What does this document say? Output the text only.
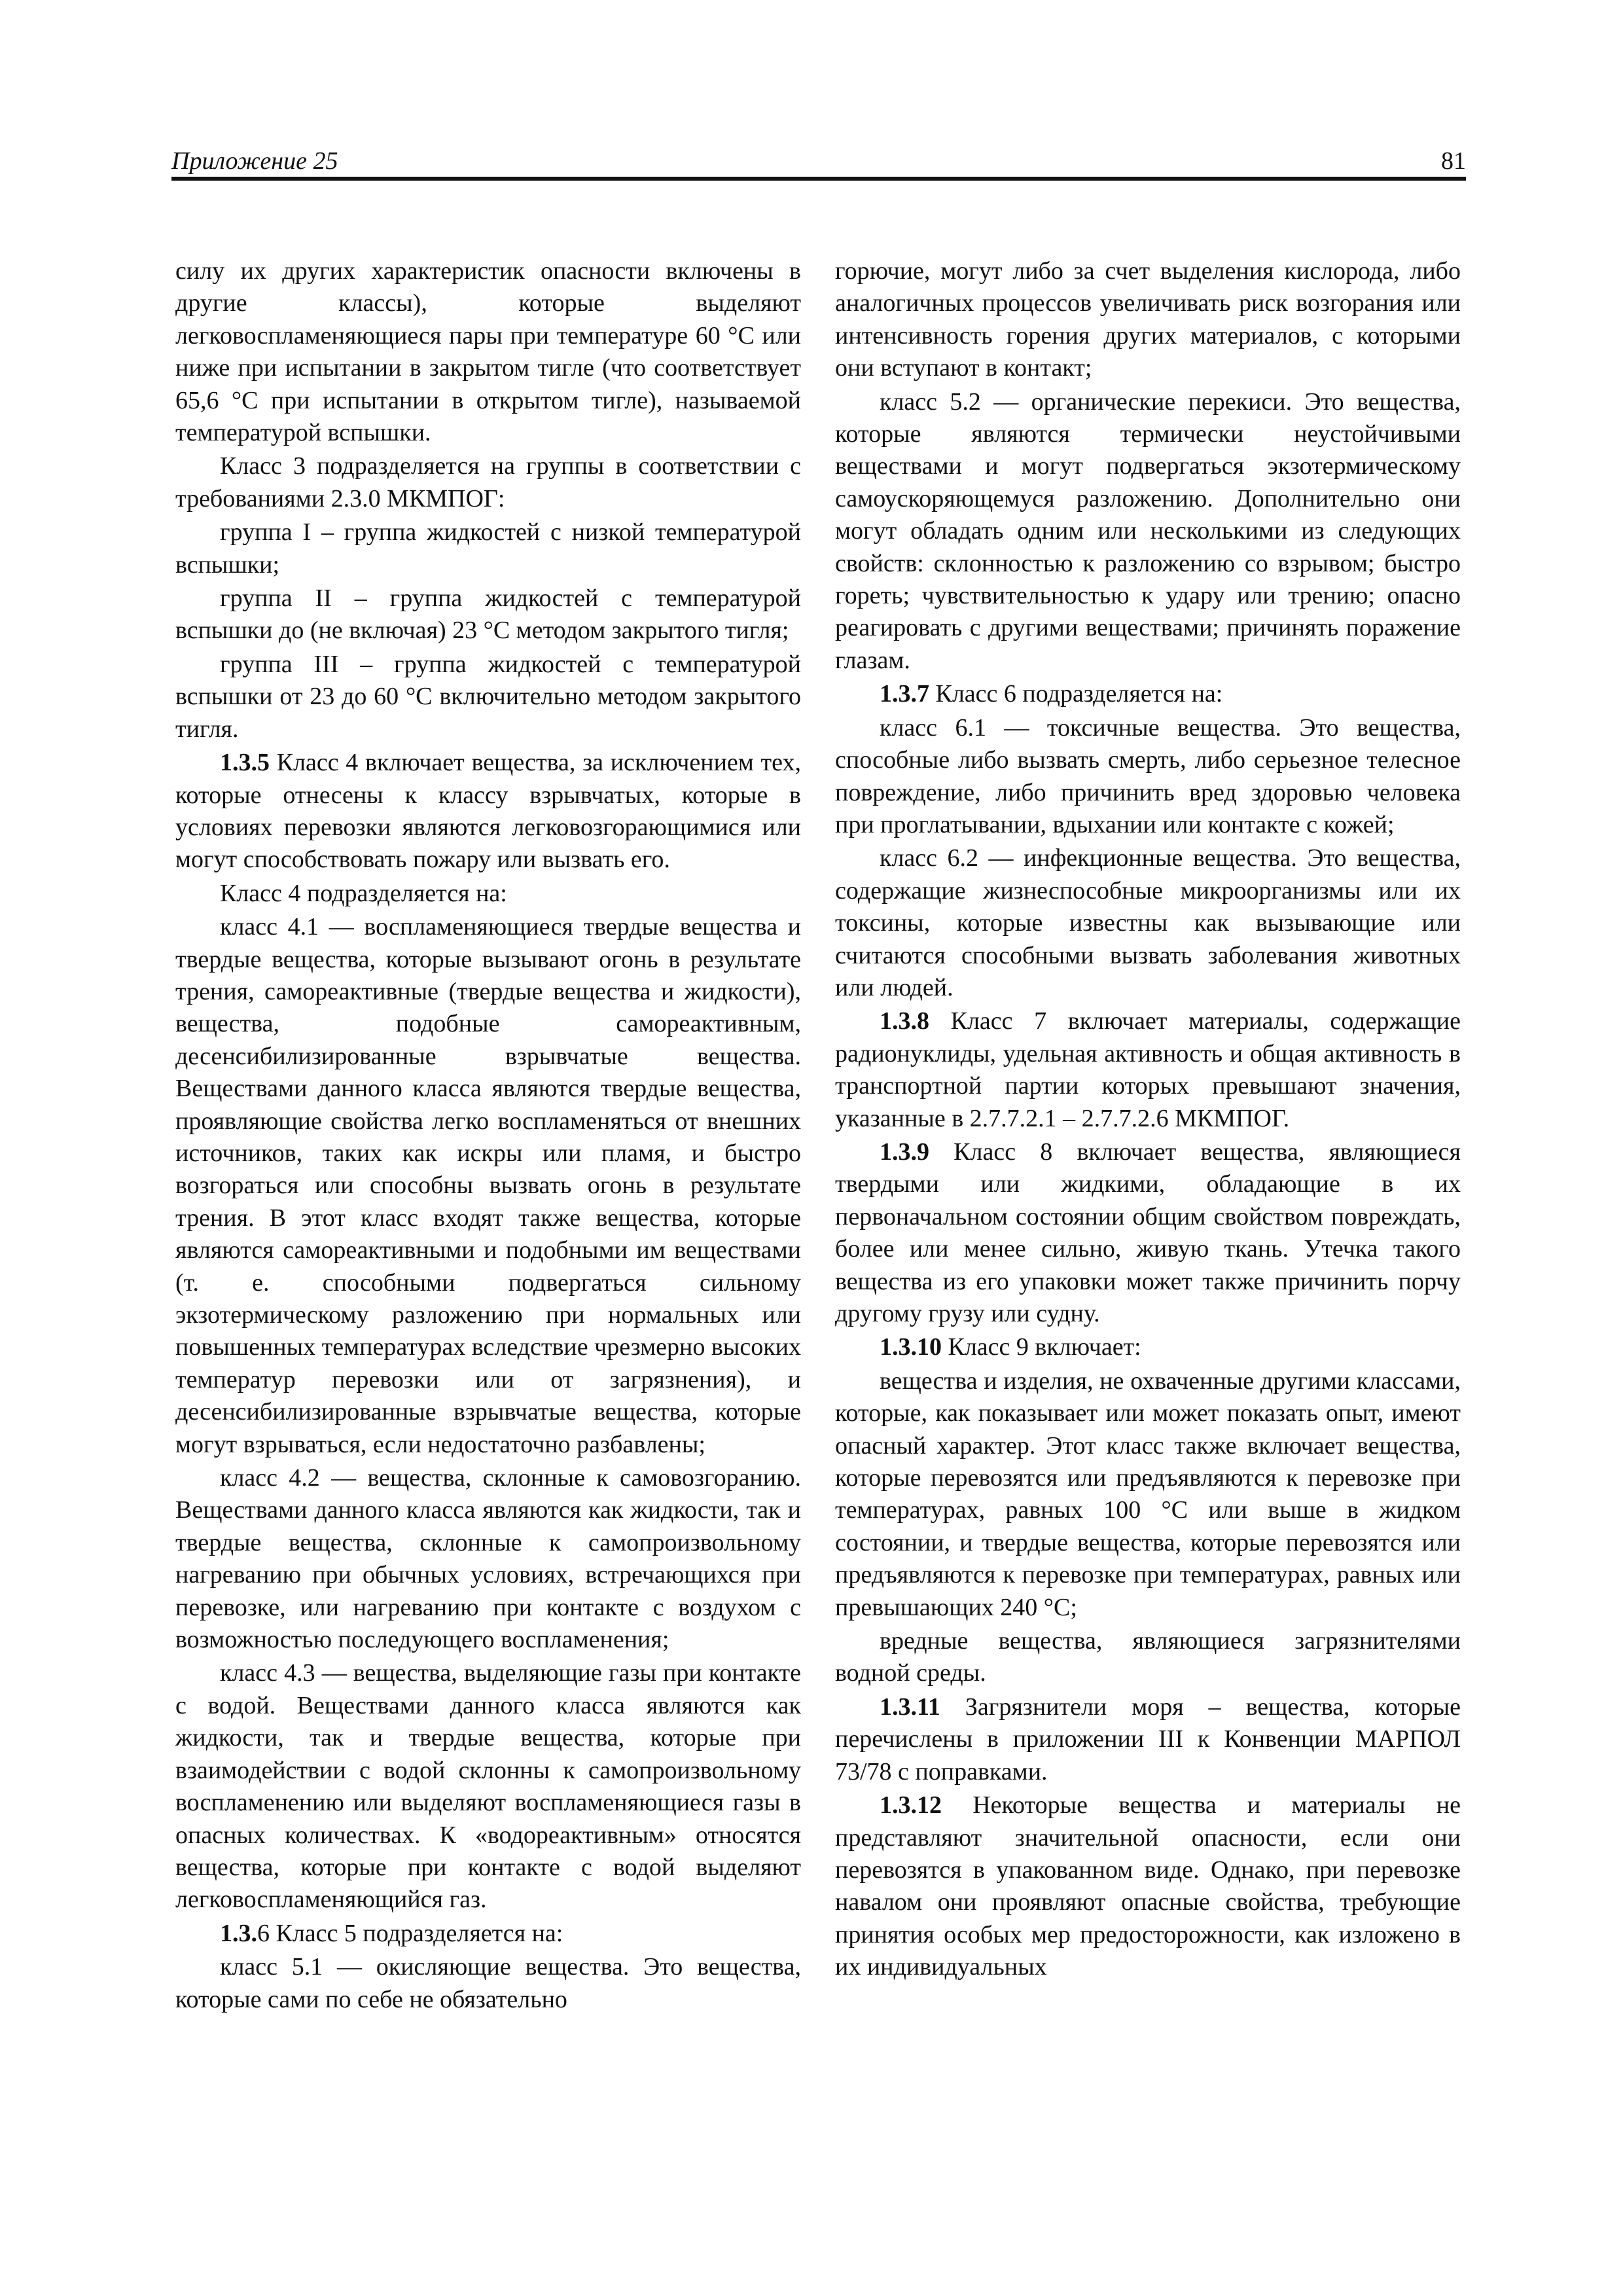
Приложение 25	81

силу их других характеристик опасности включены в другие классы), которые выделяют легковоспламеняющиеся пары при температуре 60 °С или ниже при испытании в закрытом тигле (что соответствует 65,6 °С при испытании в открытом тигле), называемой температурой вспышки.

Класс 3 подразделяется на группы в соответствии с требованиями 2.3.0 МКМПОГ:

группа I – группа жидкостей с низкой температурой вспышки;

группа II – группа жидкостей с температурой вспышки до (не включая) 23 °С методом закрытого тигля;

группа III – группа жидкостей с температурой вспышки от 23 до 60 °С включительно методом закрытого тигля.

1.3.5 Класс 4 включает вещества, за исключением тех, которые отнесены к классу взрывчатых, которые в условиях перевозки являются легковозгорающимися или могут способствовать пожару или вызвать его.

Класс 4 подразделяется на:

класс 4.1 — воспламеняющиеся твердые вещества и твердые вещества, которые вызывают огонь в результате трения, самореактивные (твердые вещества и жидкости), вещества, подобные самореактивным, десенсибилизированные взрывчатые вещества. Веществами данного класса являются твердые вещества, проявляющие свойства легко воспламеняться от внешних источников, таких как искры или пламя, и быстро возгораться или способны вызвать огонь в результате трения. В этот класс входят также вещества, которые являются самореактивными и подобными им веществами (т. е. способными подвергаться сильному экзотермическому разложению при нормальных или повышенных температурах вследствие чрезмерно высоких температур перевозки или от загрязнения), и десенсибилизированные взрывчатые вещества, которые могут взрываться, если недостаточно разбавлены;

класс 4.2 — вещества, склонные к самовозгоранию. Веществами данного класса являются как жидкости, так и твердые вещества, склонные к самопроизвольному нагреванию при обычных условиях, встречающихся при перевозке, или нагреванию при контакте с воздухом с возможностью последующего воспламенения;

класс 4.3 — вещества, выделяющие газы при контакте с водой. Веществами данного класса являются как жидкости, так и твердые вещества, которые при взаимодействии с водой склонны к самопроизвольному воспламенению или выделяют воспламеняющиеся газы в опасных количествах. К «водореактивным» относятся вещества, которые при контакте с водой выделяют легковоспламеняющийся газ.

1.3.6 Класс 5 подразделяется на:

класс 5.1 — окисляющие вещества. Это вещества, которые сами по себе не обязательно

горючие, могут либо за счет выделения кислорода, либо аналогичных процессов увеличивать риск возгорания или интенсивность горения других материалов, с которыми они вступают в контакт;

класс 5.2 — органические перекиси. Это вещества, которые являются термически неустойчивыми веществами и могут подвергаться экзотермическому самоускоряющемуся разложению. Дополнительно они могут обладать одним или несколькими из следующих свойств: склонностью к разложению со взрывом; быстро гореть; чувствительностью к удару или трению; опасно реагировать с другими веществами; причинять поражение глазам.

1.3.7 Класс 6 подразделяется на:

класс 6.1 — токсичные вещества. Это вещества, способные либо вызвать смерть, либо серьезное телесное повреждение, либо причинить вред здоровью человека при проглатывании, вдыхании или контакте с кожей;

класс 6.2 — инфекционные вещества. Это вещества, содержащие жизнеспособные микроорганизмы или их токсины, которые известны как вызывающие или считаются способными вызвать заболевания животных или людей.

1.3.8 Класс 7 включает материалы, содержащие радионуклиды, удельная активность и общая активность в транспортной партии которых превышают значения, указанные в 2.7.7.2.1 – 2.7.7.2.6 МКМПОГ.

1.3.9 Класс 8 включает вещества, являющиеся твердыми или жидкими, обладающие в их первоначальном состоянии общим свойством повреждать, более или менее сильно, живую ткань. Утечка такого вещества из его упаковки может также причинить порчу другому грузу или судну.

1.3.10 Класс 9 включает:

вещества и изделия, не охваченные другими классами, которые, как показывает или может показать опыт, имеют опасный характер. Этот класс также включает вещества, которые перевозятся или предъявляются к перевозке при температурах, равных 100 °С или выше в жидком состоянии, и твердые вещества, которые перевозятся или предъявляются к перевозке при температурах, равных или превышающих 240 °С;

вредные вещества, являющиеся загрязнителями водной среды.

1.3.11 Загрязнители моря – вещества, которые перечислены в приложении III к Конвенции МАРПОЛ 73/78 с поправками.

1.3.12 Некоторые вещества и материалы не представляют значительной опасности, если они перевозятся в упакованном виде. Однако, при перевозке навалом они проявляют опасные свойства, требующие принятия особых мер предосторожности, как изложено в их индивидуальных
